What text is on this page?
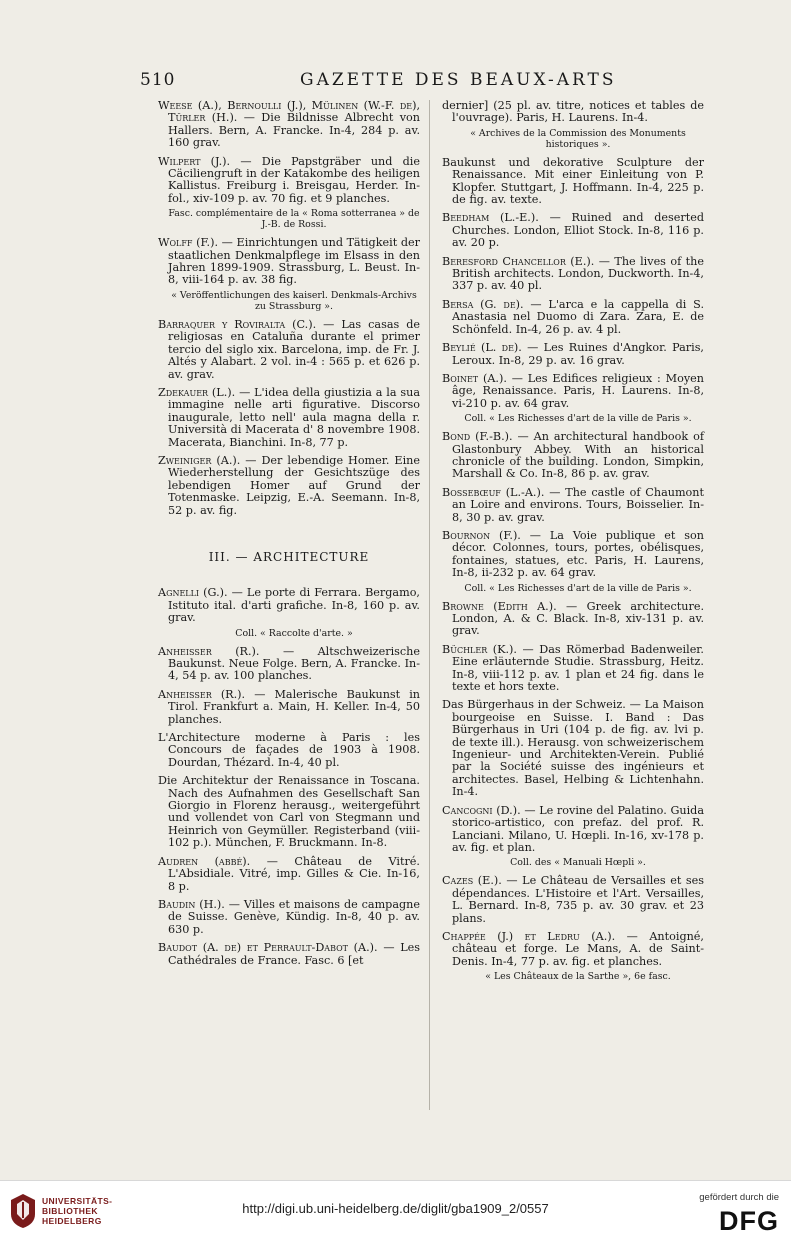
510	GAZETTE DES BEAUX-ARTS
Weese (A.), Bernoulli (J.), Mülinen (W.-F. de), Türler (H.). — Die Bildnisse Albrecht von Hallers. Bern, A. Francke. In-4, 284 p. av. 160 grav.
Wilpert (J.). — Die Papstgräber und die Cäciliengruft in der Katakombe des heiligen Kallistus. Freiburg i. Breisgau, Herder. In-fol., xiv-109 p. av. 70 fig. et 9 planches.
Fasc. complémentaire de la « Roma sotterranea » de J.-B. de Rossi.
Wolff (F.). — Einrichtungen und Tätigkeit der staatlichen Denkmalpflege im Elsass in den Jahren 1899-1909. Strassburg, L. Beust. In-8, viii-164 p. av. 38 fig.
« Veröffentlichungen des kaiserl. Denkmals-Archivs zu Strassburg ».
Barraquer y Roviralta (C.). — Las casas de religiosas en Cataluña durante el primer tercio del siglo xix. Barcelona, imp. de Fr. J. Altés y Alabart. 2 vol. in-4 : 565 p. et 626 p. av. grav.
Zdekauer (L.). — L'idea della giustizia a la sua immagine nelle arti figurative. Discorso inaugurale, letto nell' aula magna della r. Università di Macerata d' 8 novembre 1908. Macerata, Bianchini. In-8, 77 p.
Zweiniger (A.). — Der lebendige Homer. Eine Wiederherstellung der Gesichtszüge des lebendigen Homer auf Grund der Totenmaske. Leipzig, E.-A. Seemann. In-8, 52 p. av. fig.
III. — ARCHITECTURE
Agnelli (G.). — Le porte di Ferrara. Bergamo, Istituto ital. d'arti grafiche. In-8, 160 p. av. grav.
Coll. « Raccolte d'arte. »
Anheisser (R.). — Altschweizerische Baukunst. Neue Folge. Bern, A. Francke. In-4, 54 p. av. 100 planches.
Anheisser (R.). — Malerische Baukunst in Tirol. Frankfurt a. Main, H. Keller. In-4, 50 planches.
L'Architecture moderne à Paris : les Concours de façades de 1903 à 1908. Dourdan, Thézard. In-4, 40 pl.
Die Architektur der Renaissance in Toscana. Nach des Aufnahmen des Gesellschaft San Giorgio in Florenz herausg., weitergeführt und vollendet von Carl von Stegmann und Heinrich von Geymüller. Registerband (viii-102 p.). München, F. Bruckmann. In-8.
Audren (abbé). — Château de Vitré. L'Absidiale. Vitré, imp. Gilles & Cie. In-16, 8 p.
Baudin (H.). — Villes et maisons de campagne de Suisse. Genève, Kündig. In-8, 40 p. av. 630 p.
Baudot (A. de) et Perrault-Dabot (A.). — Les Cathédrales de France. Fasc. 6 [et
dernier] (25 pl. av. titre, notices et tables de l'ouvrage). Paris, H. Laurens. In-4.
« Archives de la Commission des Monuments historiques ».
Baukunst und dekorative Sculpture der Renaissance. Mit einer Einleitung von P. Klopfer. Stuttgart, J. Hoffmann. In-4, 225 p. de fig. av. texte.
Beedham (L.-E.). — Ruined and deserted Churches. London, Elliot Stock. In-8, 116 p. av. 20 p.
Beresford Chancellor (E.). — The lives of the British architects. London, Duckworth. In-4, 337 p. av. 40 pl.
Bersa (G. de). — L'arca e la cappella di S. Anastasia nel Duomo di Zara. Zara, E. de Schönfeld. In-4, 26 p. av. 4 pl.
Beylié (L. de). — Les Ruines d'Angkor. Paris, Leroux. In-8, 29 p. av. 16 grav.
Boinet (A.). — Les Edifices religieux : Moyen âge, Renaissance. Paris, H. Laurens. In-8, vi-210 p. av. 64 grav.
Coll. « Les Richesses d'art de la ville de Paris ».
Bond (F.-B.). — An architectural handbook of Glastonbury Abbey. With an historical chronicle of the building. London, Simpkin, Marshall & Co. In-8, 86 p. av. grav.
Bossebœuf (L.-A.). — The castle of Chaumont an Loire and environs. Tours, Boisselier. In-8, 30 p. av. grav.
Bournon (F.). — La Voie publique et son décor. Colonnes, tours, portes, obélisques, fontaines, statues, etc. Paris, H. Laurens, In-8, ii-232 p. av. 64 grav.
Coll. « Les Richesses d'art de la ville de Paris ».
Browne (Edith A.). — Greek architecture. London, A. & C. Black. In-8, xiv-131 p. av. grav.
Büchler (K.). — Das Römerbad Badenweiler. Eine erläuternde Studie. Strassburg, Heitz. In-8, viii-112 p. av. 1 plan et 24 fig. dans le texte et hors texte.
Das Bürgerhaus in der Schweiz. — La Maison bourgeoise en Suisse. I. Band : Das Bürgerhaus in Uri (104 p. de fig. av. lvi p. de texte ill.). Herausg. von schweizerischem Ingenieur- und Architekten-Verein. Publié par la Société suisse des ingénieurs et architectes. Basel, Helbing & Lichtenhahn. In-4.
Cancogni (D.). — Le rovine del Palatino. Guida storico-artistico, con prefaz. del prof. R. Lanciani. Milano, U. Hœpli. In-16, xv-178 p. av. fig. et plan.
Coll. des « Manuali Hœpli ».
Cazes (E.). — Le Château de Versailles et ses dépendances. L'Histoire et l'Art. Versailles, L. Bernard. In-8, 735 p. av. 30 grav. et 23 plans.
Chappée (J.) et Ledru (A.). — Antoigné, château et forge. Le Mans, A. de Saint-Denis. In-4, 77 p. av. fig. et planches.
« Les Châteaux de la Sarthe », 6e fasc.
UNIVERSITÄTS-
BIBLIOTHEK
HEIDELBERG
http://digi.ub.uni-heidelberg.de/diglit/gba1909_2/0557
gefördert durch die
DFG
